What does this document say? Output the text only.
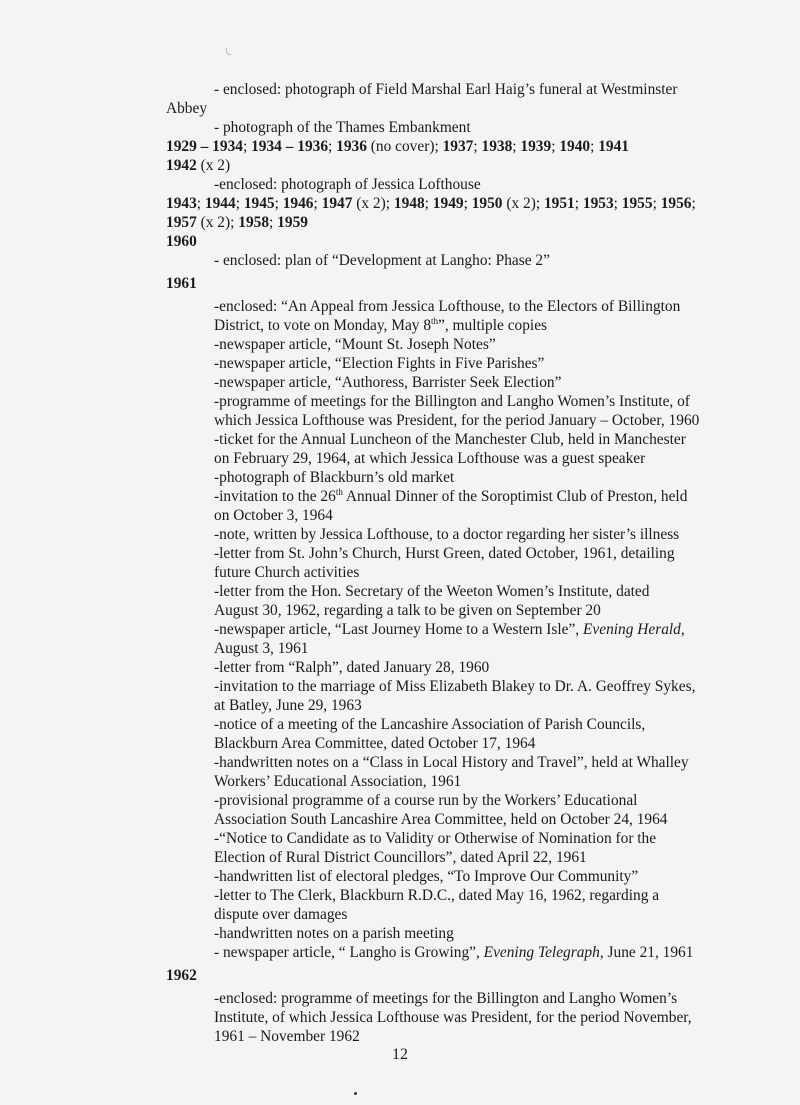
- enclosed: photograph of Field Marshal Earl Haig’s funeral at Westminster

Abbey

- photograph of the Thames Embankment

1929 – 1934; 1934 – 1936; 1936 (no cover); 1937; 1938; 1939; 1940; 1941

1942 (x 2)

-enclosed: photograph of Jessica Lofthouse

1943; 1944; 1945; 1946; 1947 (x 2); 1948; 1949; 1950 (x 2); 1951; 1953; 1955; 1956;

1957 (x 2); 1958; 1959

1960

- enclosed: plan of “Development at Langho: Phase 2”

1961

-enclosed: “An Appeal from Jessica Lofthouse, to the Electors of Billington

District, to vote on Monday, May 8th”, multiple copies

-newspaper article, “Mount St. Joseph Notes”

-newspaper article, “Election Fights in Five Parishes”

-newspaper article, “Authoress, Barrister Seek Election”

-programme of meetings for the Billington and Langho Women’s Institute, of

which Jessica Lofthouse was President, for the period January – October, 1960

-ticket for the Annual Luncheon of the Manchester Club, held in Manchester

on February 29, 1964, at which Jessica Lofthouse was a guest speaker

-photograph of Blackburn’s old market

-invitation to the 26th Annual Dinner of the Soroptimist Club of Preston, held

on October 3, 1964

-note, written by Jessica Lofthouse, to a doctor regarding her sister’s illness

-letter from St. John’s Church, Hurst Green, dated October, 1961, detailing

future Church activities

-letter from the Hon. Secretary of the Weeton Women’s Institute, dated

August 30, 1962, regarding a talk to be given on September 20

-newspaper article, “Last Journey Home to a Western Isle”, Evening Herald,

August 3, 1961

-letter from “Ralph”, dated January 28, 1960

-invitation to the marriage of Miss Elizabeth Blakey to Dr. A. Geoffrey Sykes,

at Batley, June 29, 1963

-notice of a meeting of the Lancashire Association of Parish Councils,

Blackburn Area Committee, dated October 17, 1964

-handwritten notes on a “Class in Local History and Travel”, held at Whalley

Workers’ Educational Association, 1961

-provisional programme of a course run by the Workers’ Educational

Association South Lancashire Area Committee, held on October 24, 1964

-“Notice to Candidate as to Validity or Otherwise of Nomination for the

Election of Rural District Councillors”, dated April 22, 1961

-handwritten list of electoral pledges, “To Improve Our Community”

-letter to The Clerk, Blackburn R.D.C., dated May 16, 1962, regarding a

dispute over damages

-handwritten notes on a parish meeting

- newspaper article, “ Langho is Growing”, Evening Telegraph, June 21, 1961

1962

-enclosed: programme of meetings for the Billington and Langho Women’s

Institute, of which Jessica Lofthouse was President, for the period November,

1961 – November 1962

12
